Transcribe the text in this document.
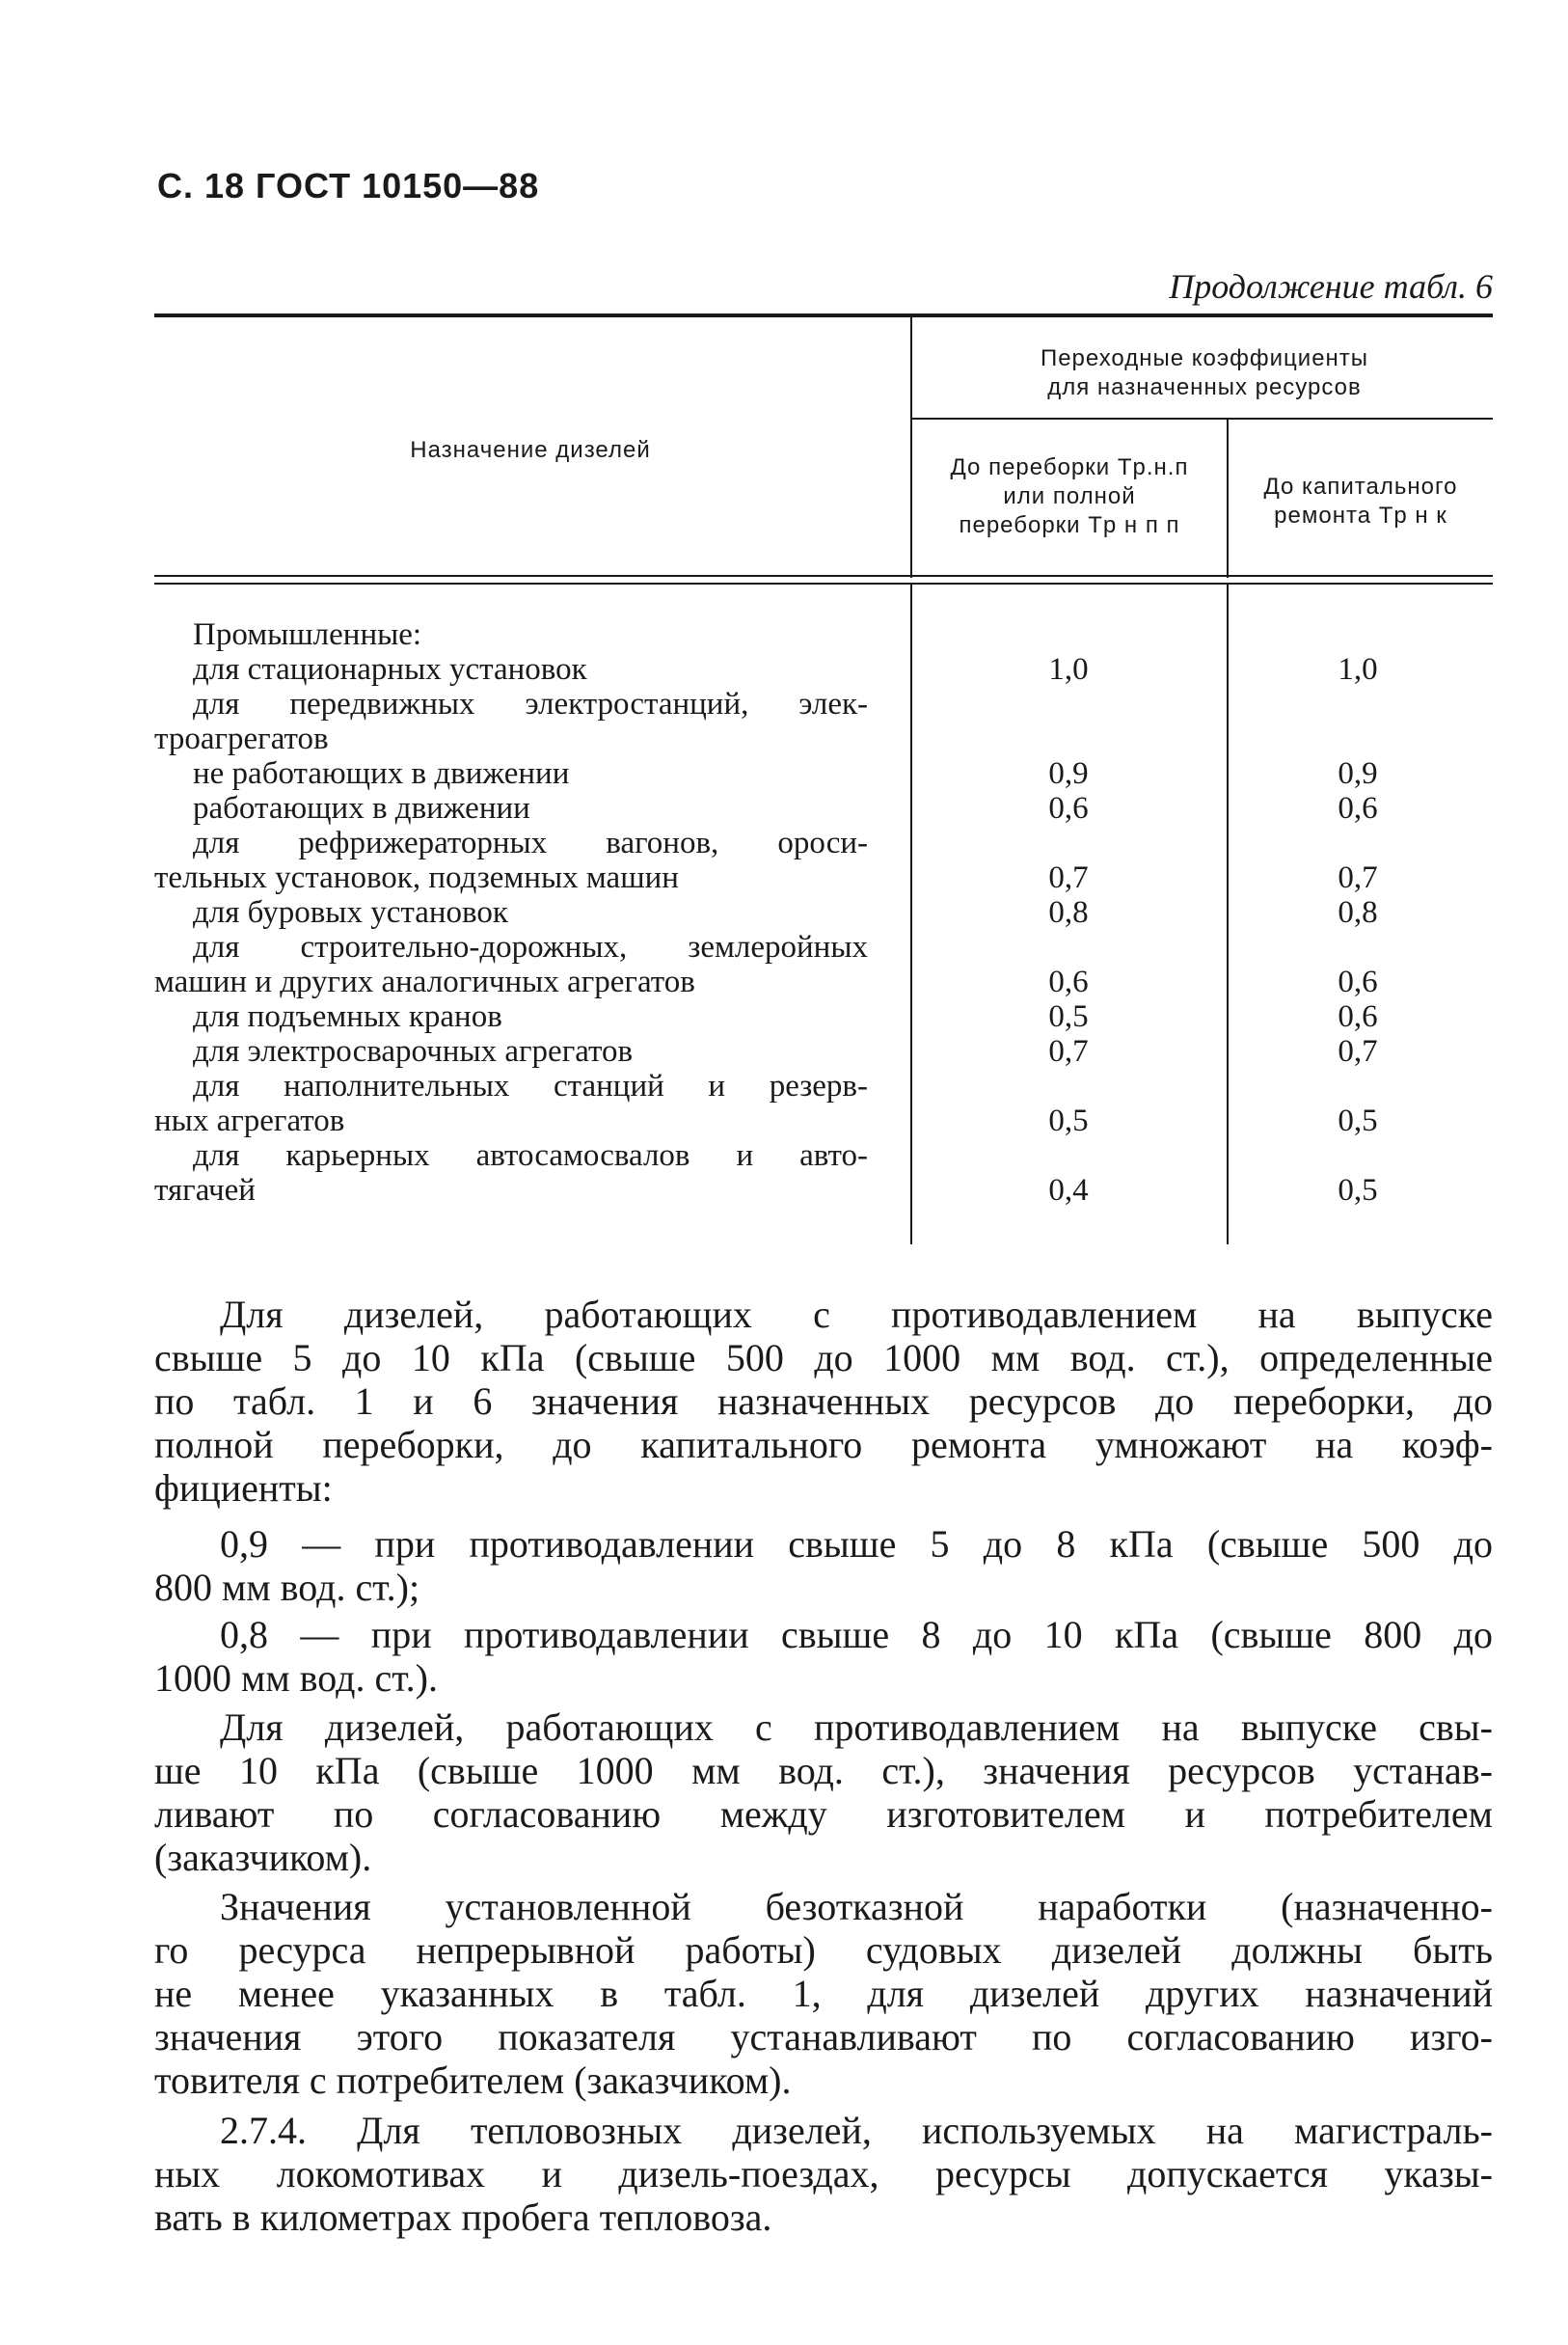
С. 18 ГОСТ 10150—88
Продолжение табл. 6
Назначение дизелей
Переходные коэффициенты
для назначенных ресурсов
До переборки Tр.н.п
или полной
переборки Tр н п п
До капитального
ремонта Tр н к
Промышленные:
для стационарных установок	1,0	1,0
для передвижных электростанций, элек-
троагрегатов
не работающих в движении	0,9	0,9
работающих в движении	0,6	0,6
для рефрижераторных вагонов, ороси-
тельных установок, подземных машин	0,7	0,7
для буровых установок	0,8	0,8
для строительно-дорожных, землеройных
машин и других аналогичных агрегатов	0,6	0,6
для подъемных кранов	0,5	0,6
для электросварочных агрегатов	0,7	0,7
для наполнительных станций и резерв-
ных агрегатов	0,5	0,5
для карьерных автосамосвалов и авто-
тягачей	0,4	0,5
Для дизелей, работающих с противодавлением на выпуске
свыше 5 до 10 кПа (свыше 500 до 1000 мм вод. ст.), определенные
по табл. 1 и 6 значения назначенных ресурсов до переборки, до
полной переборки, до капитального ремонта умножают на коэф-
фициенты:
0,9 — при противодавлении свыше 5 до 8 кПа (свыше 500 до
800 мм вод. ст.);
0,8 — при противодавлении свыше 8 до 10 кПа (свыше 800 до
1000 мм вод. ст.).
Для дизелей, работающих с противодавлением на выпуске свы-
ше 10 кПа (свыше 1000 мм вод. ст.), значения ресурсов устанав-
ливают по согласованию между изготовителем и потребителем
(заказчиком).
Значения установленной безотказной наработки (назначенно-
го ресурса непрерывной работы) судовых дизелей должны быть
не менее указанных в табл. 1, для дизелей других назначений
значения этого показателя устанавливают по согласованию изго-
товителя с потребителем (заказчиком).
2.7.4. Для тепловозных дизелей, используемых на магистраль-
ных локомотивах и дизель-поездах, ресурсы допускается указы-
вать в километрах пробега тепловоза.
